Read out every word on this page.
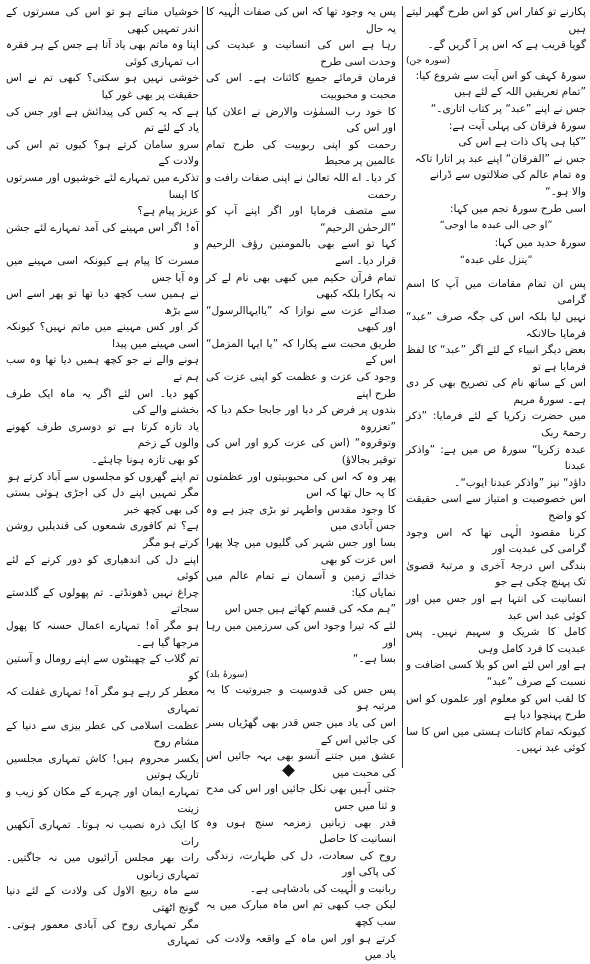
پکارنے تو کفار اس کو اس طرح گھیر لیتے ہیں
گویا قریب ہے کہ اس پر آ گریں گے۔
(سورہ جن)
سورۂ کہف کو اس آیت سے شروع کیا:
”تمام تعریفیں اللہ کے لئے ہیں
جس نے اپنے ”عبد“ پر کتاب اتاری۔“
سورۂ فرقان کی پہلی آیت ہے:
”کیا ہی پاک ذات ہے اس کی
جس نے ”الفرقان“ اپنے عبد پر اتارا تاکہ
وہ تمام عالم کی ضلالتوں سے ڈرانے
والا ہو۔“
اسی طرح سورۂ نجم میں کہا:
”او حی الی عبدہ ما اوحی“
سورۂ حدید میں کہا:
”ینزل علی عبدہ“
پس ان تمام مقامات میں آپ کا اسم گرامی
نہیں لیا بلکہ اس کی جگہ صرف ”عبد“ فرمایا حالانکہ
بعض دیگر انبیاء کے لئے اگر ”عبد“ کا لفظ فرمایا ہے تو
اس کے ساتھ نام کی تصریح بھی کر دی ہے۔ سورۂ مریم
میں حضرت زکریا کے لئے فرمایا: ”ذکر رحمۃ ربک
عبدہ زکریا“ سورۂ ص میں ہے: ”واذکر عبدنا
داؤد“ نیز ”واذکر عبدنا ایوب“۔
اس خصوصیت و امتیاز سے اسی حقیقت کو واضح
کرنا مقصود الٰہی تھا کہ اس وجود گرامی کی عبدیت اور
بندگی اس درجۂ آخری و مرتبۂ قصویٰ تک پہنچ چکی ہے جو
انسانیت کی انتہا ہے اور جس میں اور کوئی عبد اس عبد
کامل کا شریک و سہیم نہیں۔ پس عبدیت کا فرد کامل وہی
ہے اور اس لئے اس کو بلا کسی اضافت و نسبت کے صرف ”عبد“
کا لقب اس کو معلوم اور علموں کو اس طرح پہنچوا دیا ہے
کیونکہ تمام کائنات ہستی میں اس کا سا کوئی عبد نہیں۔
پس یہ وجود تھا کہ اس کی صفات الٰہیہ کا یہ حال
رہا ہے اس کی انسانیت و عبدیت کی وحدت اسی طرح
فرمان فرمائے جمیع کائنات ہے۔ اس کی محبت و محبوبیت
کا خود رب السمٰوٰت والارض نے اعلان کیا اور اس کی
رحمت کو اپنی ربوبیت کی طرح تمام عالمین پر محیط
کر دیا۔ اے اللہ تعالیٰ نے اپنی صفات رافت و رحمت
سے متصف فرمایا اور اگر اپنے آپ کو ”الرحمٰن الرحیم“
کہا تو اسے بھی بالمومنین رؤف الرحیم قرار دیا۔ اسے
تمام قرآن حکیم میں کبھی بھی نام لے کر نہ پکارا بلکہ کبھی
صدائے عزت سے نوازا کہ ”یاایہاالرسول“ اور کبھی
طریق محبت سے پکارا کہ ”یا ایہا المزمل“ اس کے
وجود کی عزت و عظمت کو اپنی عزت کی طرح اپنے
بندوں پر فرض کر دیا اور جابجا حکم دیا کہ ”تعزروہ
وتوقروہ“ (اس کی عزت کرو اور اس کی توقیر بجالاؤ)
پھر وہ کہ اس کی محبوبیتوں اور عظمتوں کا یہ حال تھا کہ اس
کا وجود مقدس واطہر تو بڑی چیز ہے وہ جس آبادی میں
بسا اور جس شہر کی گلیوں میں چلا پھرا اس عزت کو بھی
خدائے زمین و آسمان نے تمام عالم میں نمایاں کیا:
”ہم مکہ کی قسم کھاتے ہیں جس اس
لئے کہ تیرا وجود اس کی سرزمین میں رہا اور
بسا ہے۔“
(سورۂ بلد)
پس جس کی قدوسیت و جبروتیت کا یہ مرتبہ ہو
اس کی یاد میں جس قدر بھی گھڑیاں بسر کی جائیں اس کے
عشق میں جتنے آنسو بھی بہہ جائیں اس کی محبت میں
جتنی آہیں بھی نکل جائیں اور اس کی مدح و ثنا میں جس
قدر بھی زبانیں زمزمہ سنج ہوں وہ انسانیت کا حاصل
روح کی سعادت، دل کی طہارت، زندگی کی پاکی اور
ربانیت و الٰہیت کی بادشاہی ہے۔
لیکن جب کبھی تم اس ماہ مبارک میں یہ سب کچھ
کرتے ہو اور اس ماہ کے واقعہ ولادت کی یاد میں
خوشیاں مناتے ہو تو اس کی مسرتوں کے اندر تمہیں کبھی
اپنا وہ ماتم بھی یاد آتا ہے جس کے ہر فقرہ اب تمہاری کوئی
خوشی نہیں ہو سکتی؟ کبھی تم نے اس حقیقت پر بھی غور کیا
ہے کہ یہ کس کی پیدائش ہے اور جس کی یاد کے لئے تم
سرو سامان کرتے ہو؟ کیوں تم اس کی ولادت کے
تذکرے میں تمہارے لئے خوشیوں اور مسرتوں کا ایسا
عزیز پیام ہے؟
آہ! اگر اس مہینے کی آمد تمہارے لئے جشن و
مسرت کا پیام ہے کیونکہ اسی مہینے میں وہ آیا جس
نے ہمیں سب کچھ دیا تھا تو پھر اسے اس سے بڑھ
کر اور کس مہینے میں ماتم نہیں؟ کیونکہ اسی مہینے میں پیدا
ہونے والے نے جو کچھ ہمیں دیا تھا وہ سب ہم نے
کھو دیا۔ اس لئے اگر یہ ماہ ایک طرف بخشنے والے کی
یاد تازہ کرتا ہے تو دوسری طرف کھونے والوں کے زخم
کو بھی تازہ ہونا چاہئے۔
تم اپنے گھروں کو مجلسوں سے آباد کرتے ہو
مگر تمہیں اپنے دل کی اجڑی ہوئی بستی کی بھی کچھ خبر
ہے؟ تم کافوری شمعوں کی قندیلیں روشن کرتے ہو مگر
اپنے دل کی اندھیاری کو دور کرنے کے لئے کوئی
چراغ نہیں ڈھونڈتے۔ تم پھولوں کے گلدستے سجاتے
ہو مگر آہ! تمہارے اعمال حسنہ کا پھول مرجھا گیا ہے۔
تم گلاب کے چھینٹوں سے اپنے رومال و آستین کو
معطر کر رہے ہو مگر آہ! تمہاری غفلت کہ تمہاری
عظمت اسلامی کی عطر بیزی سے دنیا کے مشام روح
یکسر محروم ہیں! کاش تمہاری مجلسیں تاریک ہوتیں
تمہارے ایمان اور چہرے کے مکان کو زیب و زینت
کا ایک ذرہ نصیب نہ ہوتا۔ تمہاری آنکھیں رات
رات بھر مجلس آرائیوں میں نہ جاگتیں۔ تمہاری زبانوں
سے ماہ ربیع الاول کی ولادت کے لئے دنیا گونج اٹھتی
مگر تمہاری روح کی آبادی معمور ہوتی۔ تمہاری
